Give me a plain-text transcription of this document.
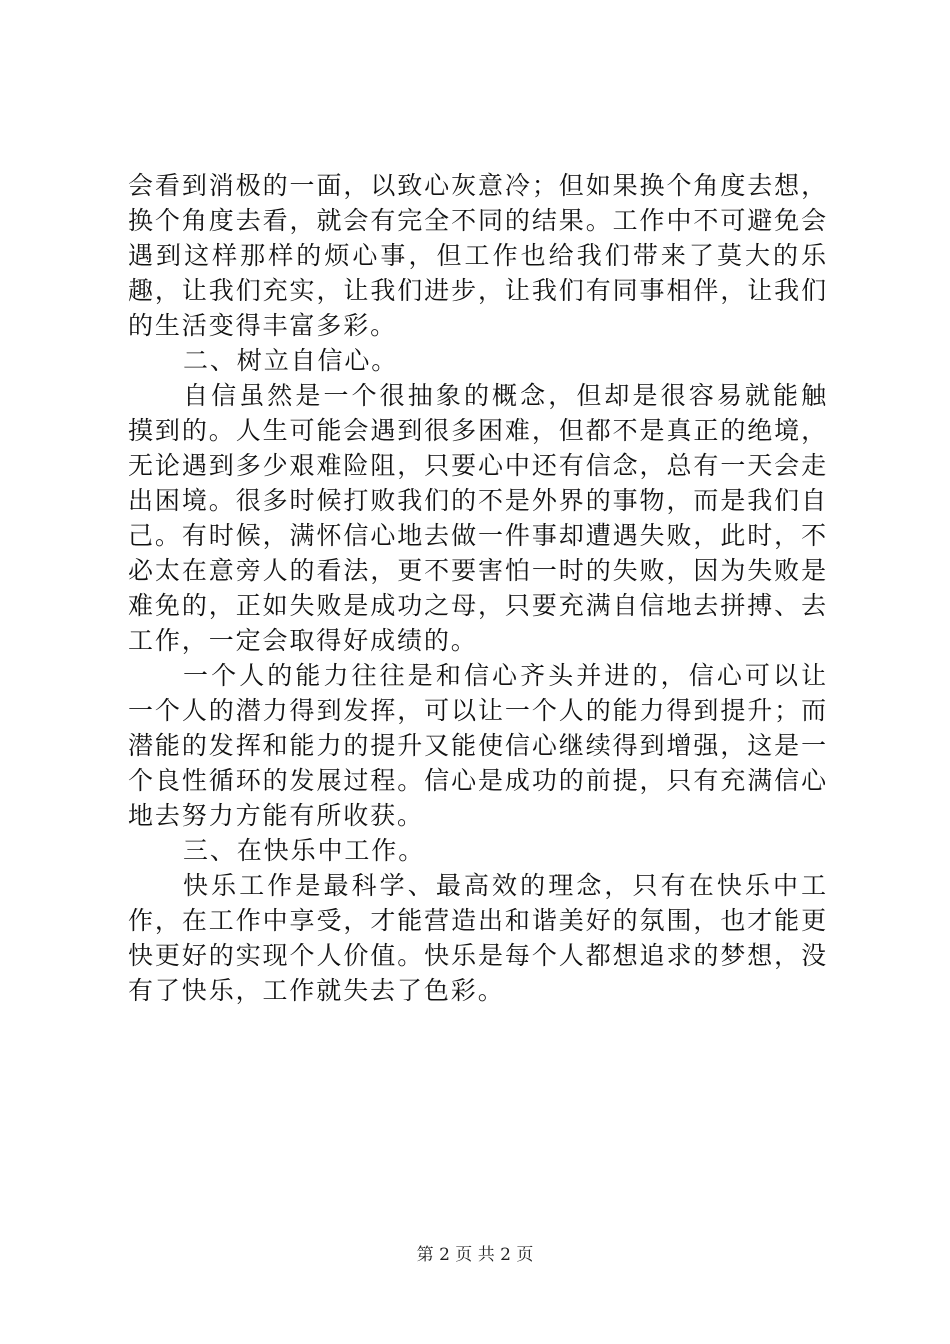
会看到消极的一面，以致心灰意冷；但如果换个角度去想，换个角度去看，就会有完全不同的结果。工作中不可避免会遇到这样那样的烦心事，但工作也给我们带来了莫大的乐趣，让我们充实，让我们进步，让我们有同事相伴，让我们的生活变得丰富多彩。

二、树立自信心。

自信虽然是一个很抽象的概念，但却是很容易就能触摸到的。人生可能会遇到很多困难，但都不是真正的绝境，无论遇到多少艰难险阻，只要心中还有信念，总有一天会走出困境。很多时候打败我们的不是外界的事物，而是我们自己。有时候，满怀信心地去做一件事却遭遇失败，此时，不必太在意旁人的看法，更不要害怕一时的失败，因为失败是难免的，正如失败是成功之母，只要充满自信地去拼搏、去工作，一定会取得好成绩的。

一个人的能力往往是和信心齐头并进的，信心可以让一个人的潜力得到发挥，可以让一个人的能力得到提升；而潜能的发挥和能力的提升又能使信心继续得到增强，这是一个良性循环的发展过程。信心是成功的前提，只有充满信心地去努力方能有所收获。

三、在快乐中工作。

快乐工作是最科学、最高效的理念，只有在快乐中工作，在工作中享受，才能营造出和谐美好的氛围，也才能更快更好的实现个人价值。快乐是每个人都想追求的梦想，没有了快乐，工作就失去了色彩。

第 2 页 共 2 页
